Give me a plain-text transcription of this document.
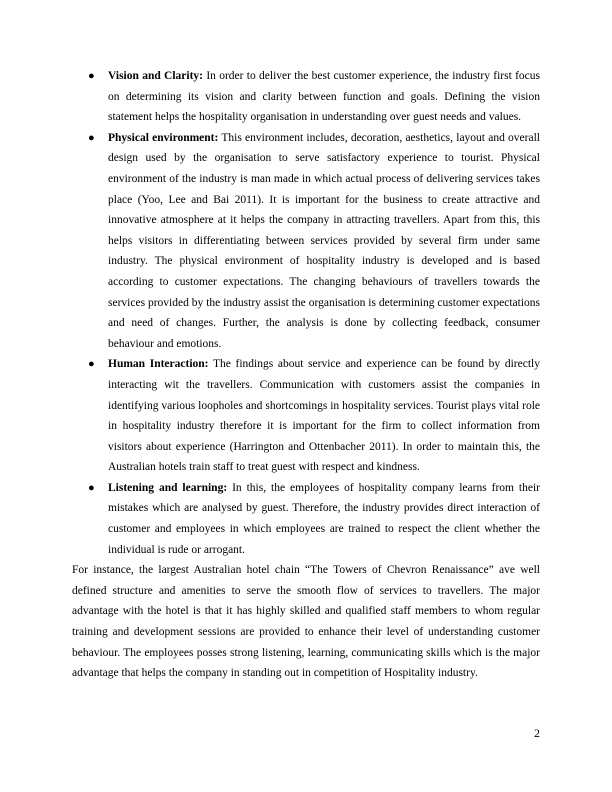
● Vision and Clarity: In order to deliver the best customer experience, the industry first focus on determining its vision and clarity between function and goals. Defining the vision statement helps the hospitality organisation in understanding over guest needs and values.
● Physical environment: This environment includes, decoration, aesthetics, layout and overall design used by the organisation to serve satisfactory experience to tourist. Physical environment of the industry is man made in which actual process of delivering services takes place (Yoo, Lee and Bai 2011). It is important for the business to create attractive and innovative atmosphere at it helps the company in attracting travellers. Apart from this, this helps visitors in differentiating between services provided by several firm under same industry. The physical environment of hospitality industry is developed and is based according to customer expectations. The changing behaviours of travellers towards the services provided by the industry assist the organisation is determining customer expectations and need of changes. Further, the analysis is done by collecting feedback, consumer behaviour and emotions.
● Human Interaction: The findings about service and experience can be found by directly interacting wit the travellers. Communication with customers assist the companies in identifying various loopholes and shortcomings in hospitality services. Tourist plays vital role in hospitality industry therefore it is important for the firm to collect information from visitors about experience (Harrington and Ottenbacher 2011). In order to maintain this, the Australian hotels train staff to treat guest with respect and kindness.
● Listening and learning: In this, the employees of hospitality company learns from their mistakes which are analysed by guest. Therefore, the industry provides direct interaction of customer and employees in which employees are trained to respect the client whether the individual is rude or arrogant.

For instance, the largest Australian hotel chain “The Towers of Chevron Renaissance” ave well defined structure and amenities to serve the smooth flow of services to travellers. The major advantage with the hotel is that it has highly skilled and qualified staff members to whom regular training and development sessions are provided to enhance their level of understanding customer behaviour. The employees posses strong listening, learning, communicating skills which is the major advantage that helps the company in standing out in competition of Hospitality industry.

2
